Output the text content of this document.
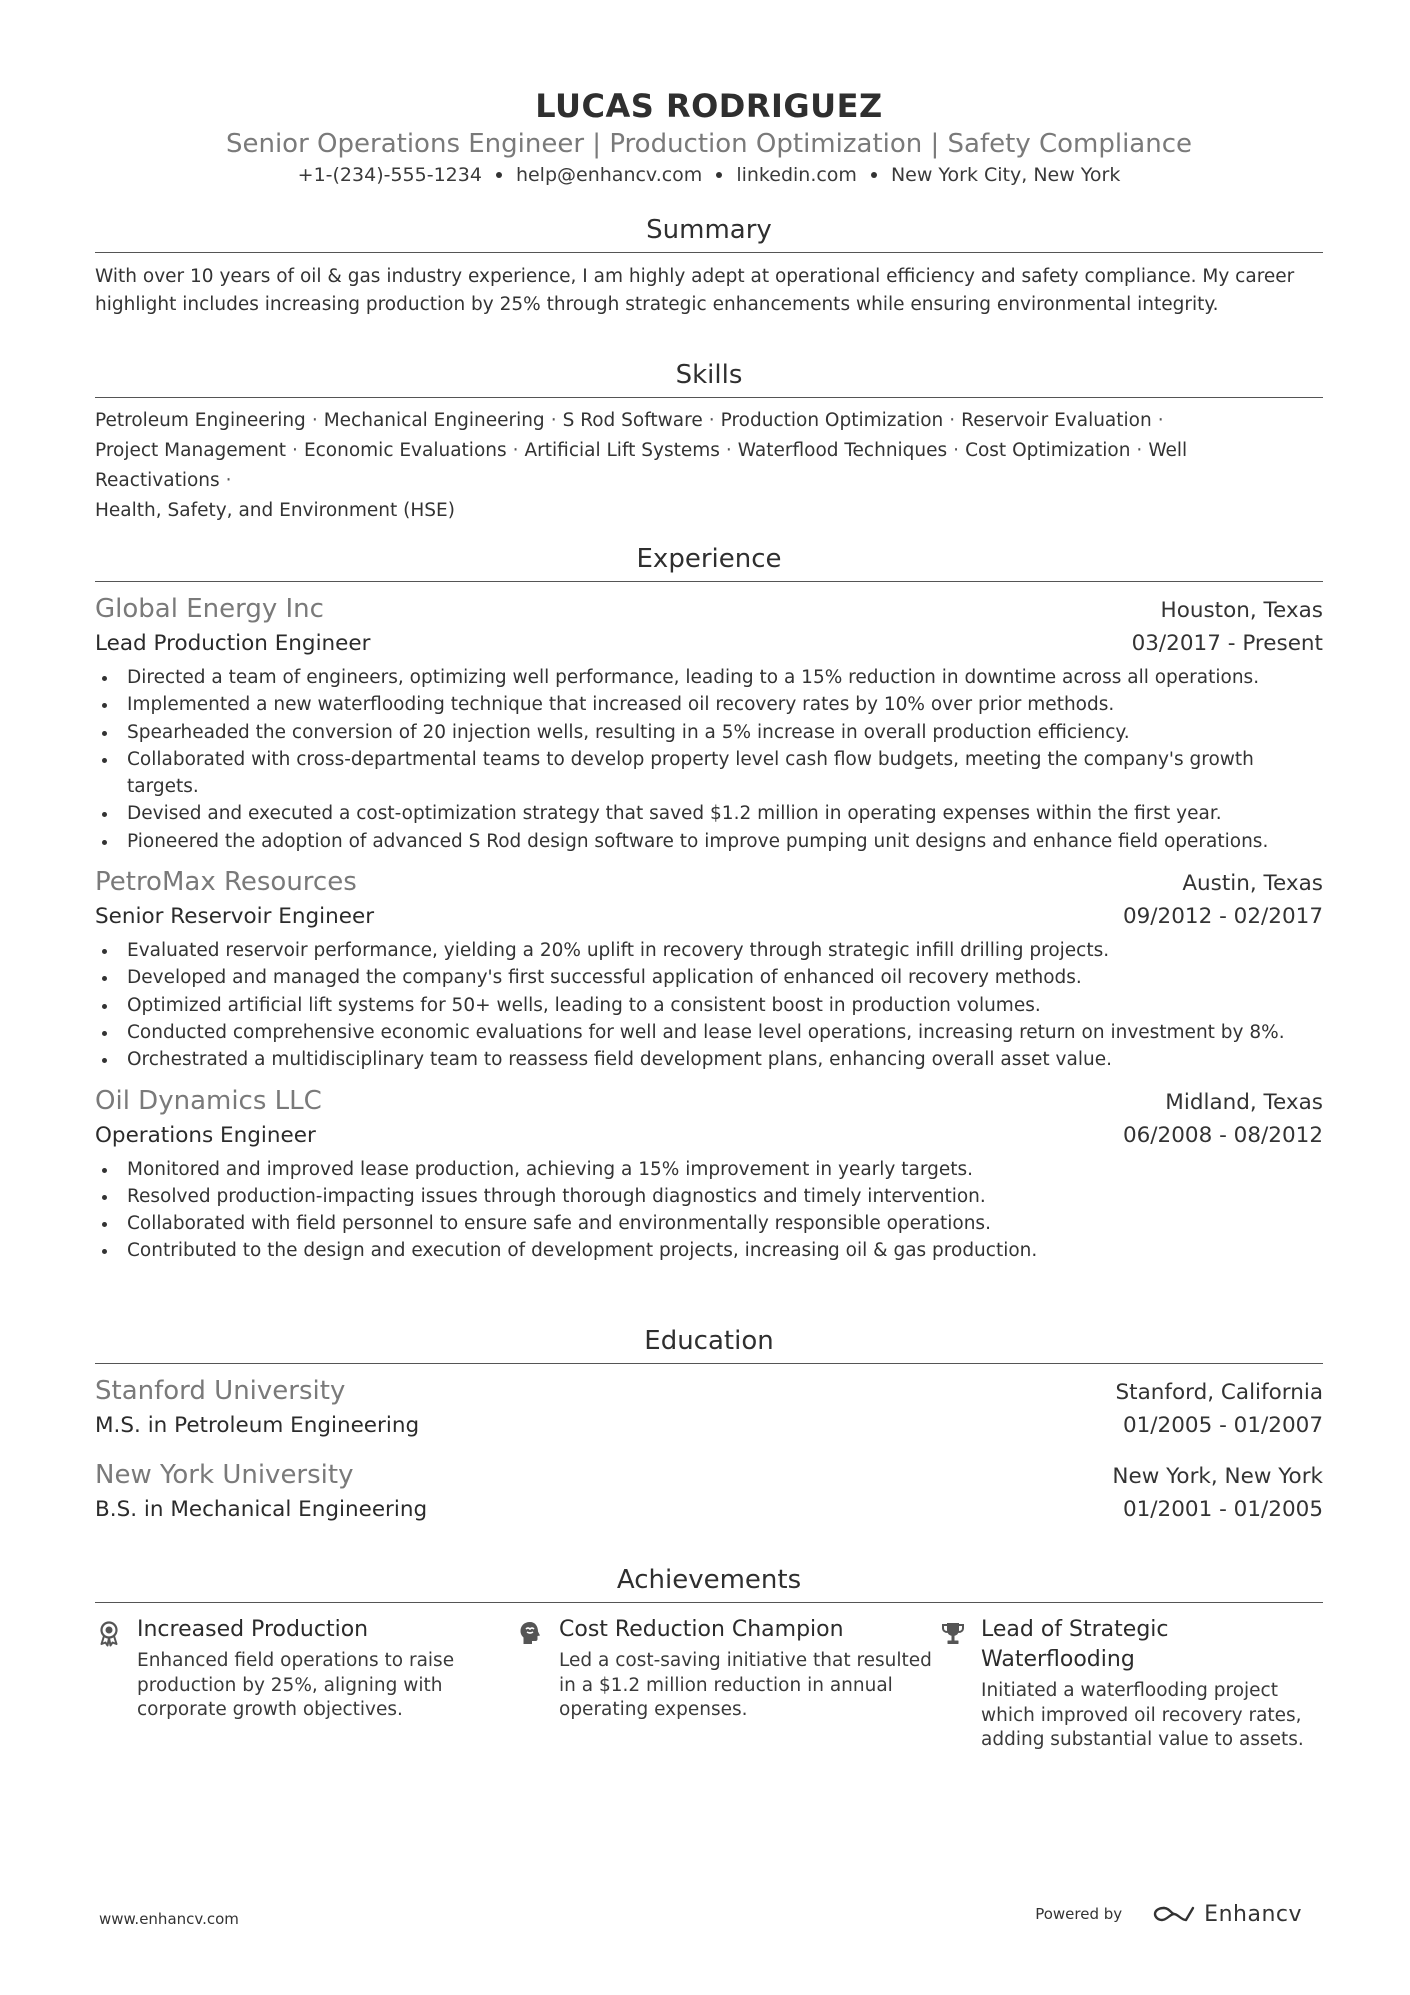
LUCAS RODRIGUEZ
Senior Operations Engineer | Production Optimization | Safety Compliance
+1-(234)-555-1234 help@enhancv.com linkedin.com New York City, New York
Summary
With over 10 years of oil & gas industry experience, I am highly adept at operational efficiency and safety compliance. My career highlight includes increasing production by 25% through strategic enhancements while ensuring environmental integrity.
Skills
Petroleum Engineering · Mechanical Engineering · S Rod Software · Production Optimization · Reservoir Evaluation ·
Project Management · Economic Evaluations · Artificial Lift Systems · Waterflood Techniques · Cost Optimization · Well Reactivations ·
Health, Safety, and Environment (HSE)
Experience
Global Energy Inc	Houston, Texas
Lead Production Engineer	03/2017 - Present
Directed a team of engineers, optimizing well performance, leading to a 15% reduction in downtime across all operations.
Implemented a new waterflooding technique that increased oil recovery rates by 10% over prior methods.
Spearheaded the conversion of 20 injection wells, resulting in a 5% increase in overall production efficiency.
Collaborated with cross-departmental teams to develop property level cash flow budgets, meeting the company's growth targets.
Devised and executed a cost-optimization strategy that saved $1.2 million in operating expenses within the first year.
Pioneered the adoption of advanced S Rod design software to improve pumping unit designs and enhance field operations.
PetroMax Resources	Austin, Texas
Senior Reservoir Engineer	09/2012 - 02/2017
Evaluated reservoir performance, yielding a 20% uplift in recovery through strategic infill drilling projects.
Developed and managed the company's first successful application of enhanced oil recovery methods.
Optimized artificial lift systems for 50+ wells, leading to a consistent boost in production volumes.
Conducted comprehensive economic evaluations for well and lease level operations, increasing return on investment by 8%.
Orchestrated a multidisciplinary team to reassess field development plans, enhancing overall asset value.
Oil Dynamics LLC	Midland, Texas
Operations Engineer	06/2008 - 08/2012
Monitored and improved lease production, achieving a 15% improvement in yearly targets.
Resolved production-impacting issues through thorough diagnostics and timely intervention.
Collaborated with field personnel to ensure safe and environmentally responsible operations.
Contributed to the design and execution of development projects, increasing oil & gas production.
Education
Stanford University	Stanford, California
M.S. in Petroleum Engineering	01/2005 - 01/2007
New York University	New York, New York
B.S. in Mechanical Engineering	01/2001 - 01/2005
Achievements
Increased Production
Enhanced field operations to raise production by 25%, aligning with corporate growth objectives.
Cost Reduction Champion
Led a cost-saving initiative that resulted in a $1.2 million reduction in annual operating expenses.
Lead of Strategic Waterflooding
Initiated a waterflooding project which improved oil recovery rates, adding substantial value to assets.
www.enhancv.com	Powered by	Enhancv
